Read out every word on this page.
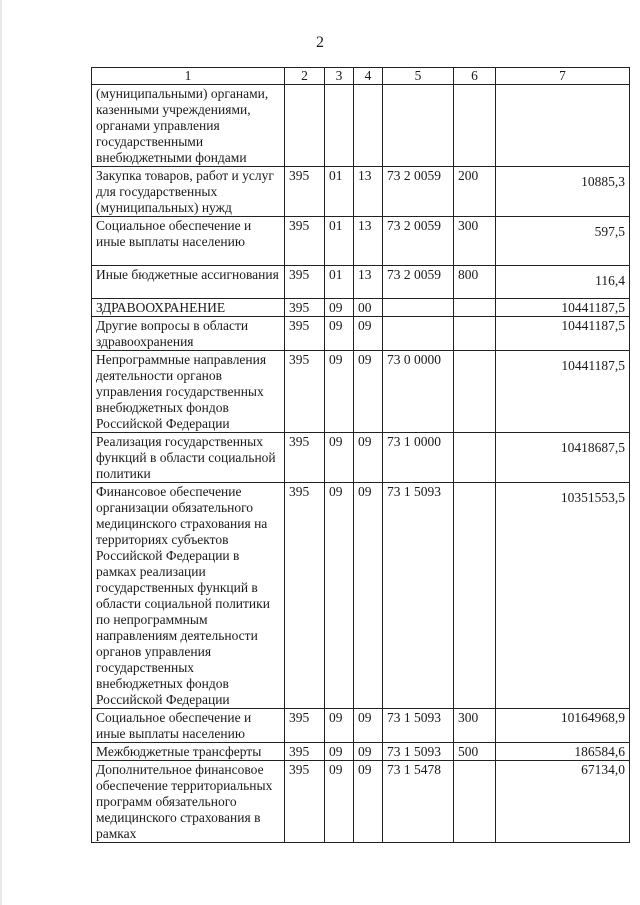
2
1	2	3	4	5	6	7
(муниципальными) органами, казенными учреждениями, органами управления государственными внебюджетными фондами						
Закупка товаров, работ и услуг для государственных (муниципальных) нужд	395	01	13	73 2 0059	200	10885,3
Социальное обеспечение и иные выплаты населению	395	01	13	73 2 0059	300	597,5
Иные бюджетные ассигнования	395	01	13	73 2 0059	800	116,4
ЗДРАВООХРАНЕНИЕ	395	09	00			10441187,5
Другие вопросы в области здравоохранения	395	09	09			10441187,5
Непрограммные направления деятельности органов управления государственных внебюджетных фондов Российской Федерации	395	09	09	73 0 0000		10441187,5
Реализация государственных функций в области социальной политики	395	09	09	73 1 0000		10418687,5
Финансовое обеспечение организации обязательного медицинского страхования на территориях субъектов Российской Федерации в рамках реализации государственных функций в области социальной политики по непрограммным направлениям деятельности органов управления государственных внебюджетных фондов Российской Федерации	395	09	09	73 1 5093		10351553,5
Социальное обеспечение и иные выплаты населению	395	09	09	73 1 5093	300	10164968,9
Межбюджетные трансферты	395	09	09	73 1 5093	500	186584,6
Дополнительное финансовое обеспечение территориальных программ обязательного медицинского страхования в рамках	395	09	09	73 1 5478		67134,0
